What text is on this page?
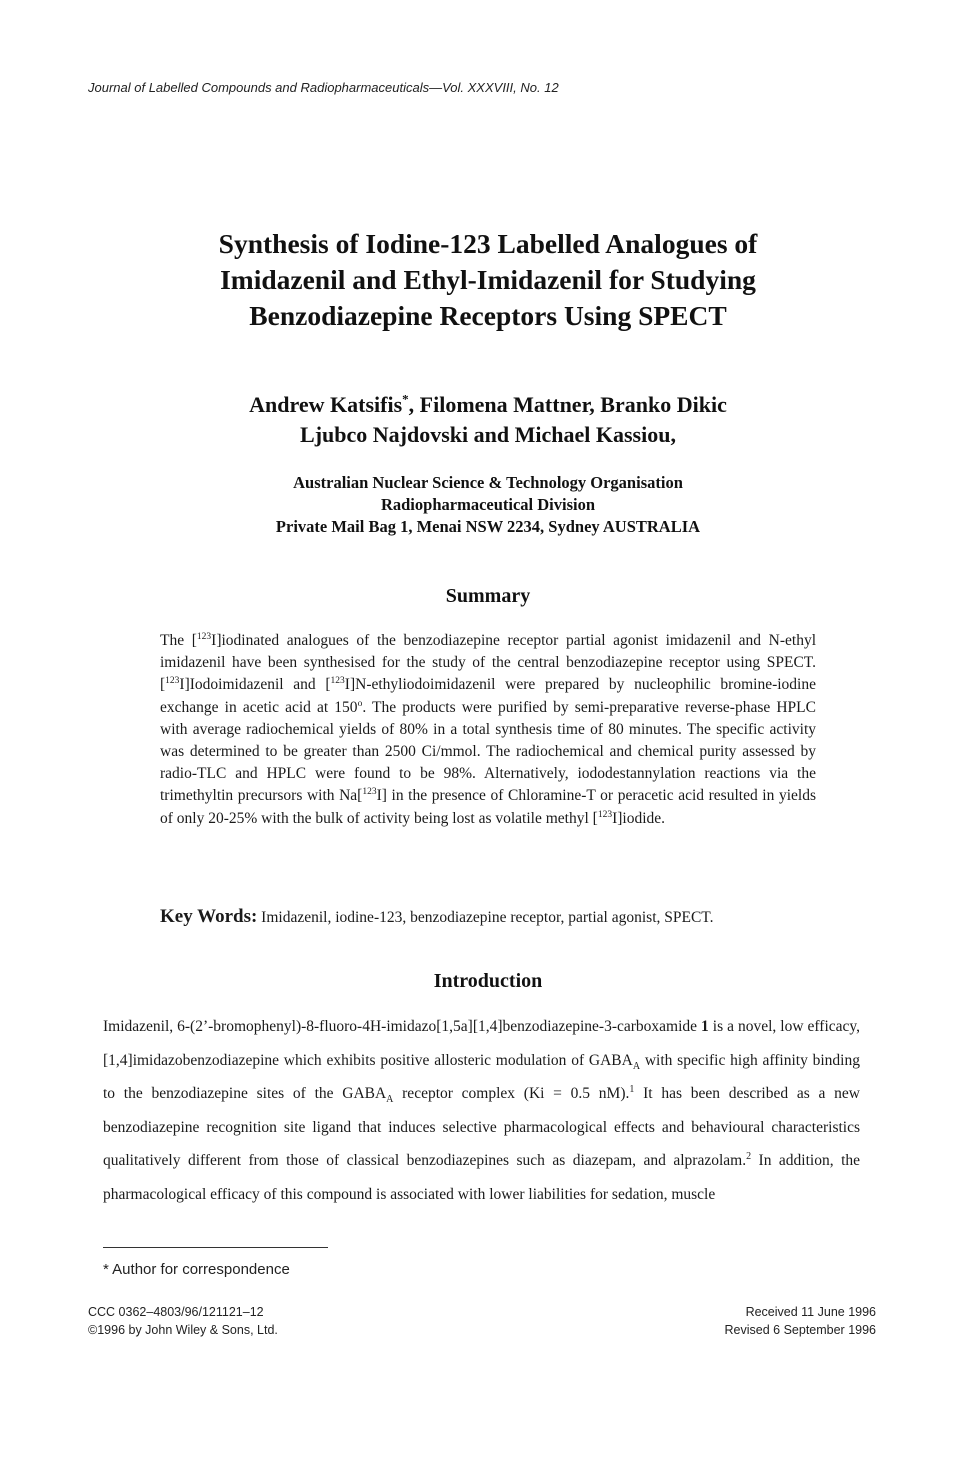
Journal of Labelled Compounds and Radiopharmaceuticals—Vol. XXXVIII, No. 12
Synthesis of Iodine-123 Labelled Analogues of
Imidazenil and Ethyl-Imidazenil for Studying
Benzodiazepine Receptors Using SPECT
Andrew Katsifis*, Filomena Mattner, Branko Dikic
Ljubco Najdovski and Michael Kassiou,
Australian Nuclear Science & Technology Organisation
Radiopharmaceutical Division
Private Mail Bag 1, Menai NSW 2234, Sydney AUSTRALIA
Summary
The [$^{123}$I]iodinated analogues of the benzodiazepine receptor partial agonist imidazenil and N-ethyl imidazenil have been synthesised for the study of the central benzodiazepine receptor using SPECT. [$^{123}$I]Iodoimidazenil and [$^{123}$I]N-ethyliodoimidazenil were prepared by nucleophilic bromine-iodine exchange in acetic acid at 150$^o$. The products were purified by semi-preparative reverse-phase HPLC with average radiochemical yields of 80% in a total synthesis time of 80 minutes. The specific activity was determined to be greater than 2500 Ci/mmol. The radiochemical and chemical purity assessed by radio-TLC and HPLC were found to be 98%. Alternatively, iododestannylation reactions via the trimethyltin precursors with Na[$^{123}$I] in the presence of Chloramine-T or peracetic acid resulted in yields of only 20-25% with the bulk of activity being lost as volatile methyl [$^{123}$I]iodide.
Key Words: Imidazenil, iodine-123, benzodiazepine receptor, partial agonist, SPECT.
Introduction
Imidazenil, 6-(2’-bromophenyl)-8-fluoro-4H-imidazo[1,5a][1,4]benzodiazepine-3-carboxamide 1 is a novel, low efficacy, [1,4]imidazobenzodiazepine which exhibits positive allosteric modulation of $GABA_A$ with specific high affinity binding to the benzodiazepine sites of the $GABA_A$ receptor complex (Ki = 0.5 nM).$^1$ It has been described as a new benzodiazepine recognition site ligand that induces selective pharmacological effects and behavioural characteristics qualitatively different from those of classical benzodiazepines such as diazepam, and alprazolam.$^2$ In addition, the pharmacological efficacy of this compound is associated with lower liabilities for sedation, muscle
* Author for correspondence
CCC 0362–4803/96/121121–12
©1996 by John Wiley & Sons, Ltd.
Received 11 June 1996
Revised 6 September 1996
